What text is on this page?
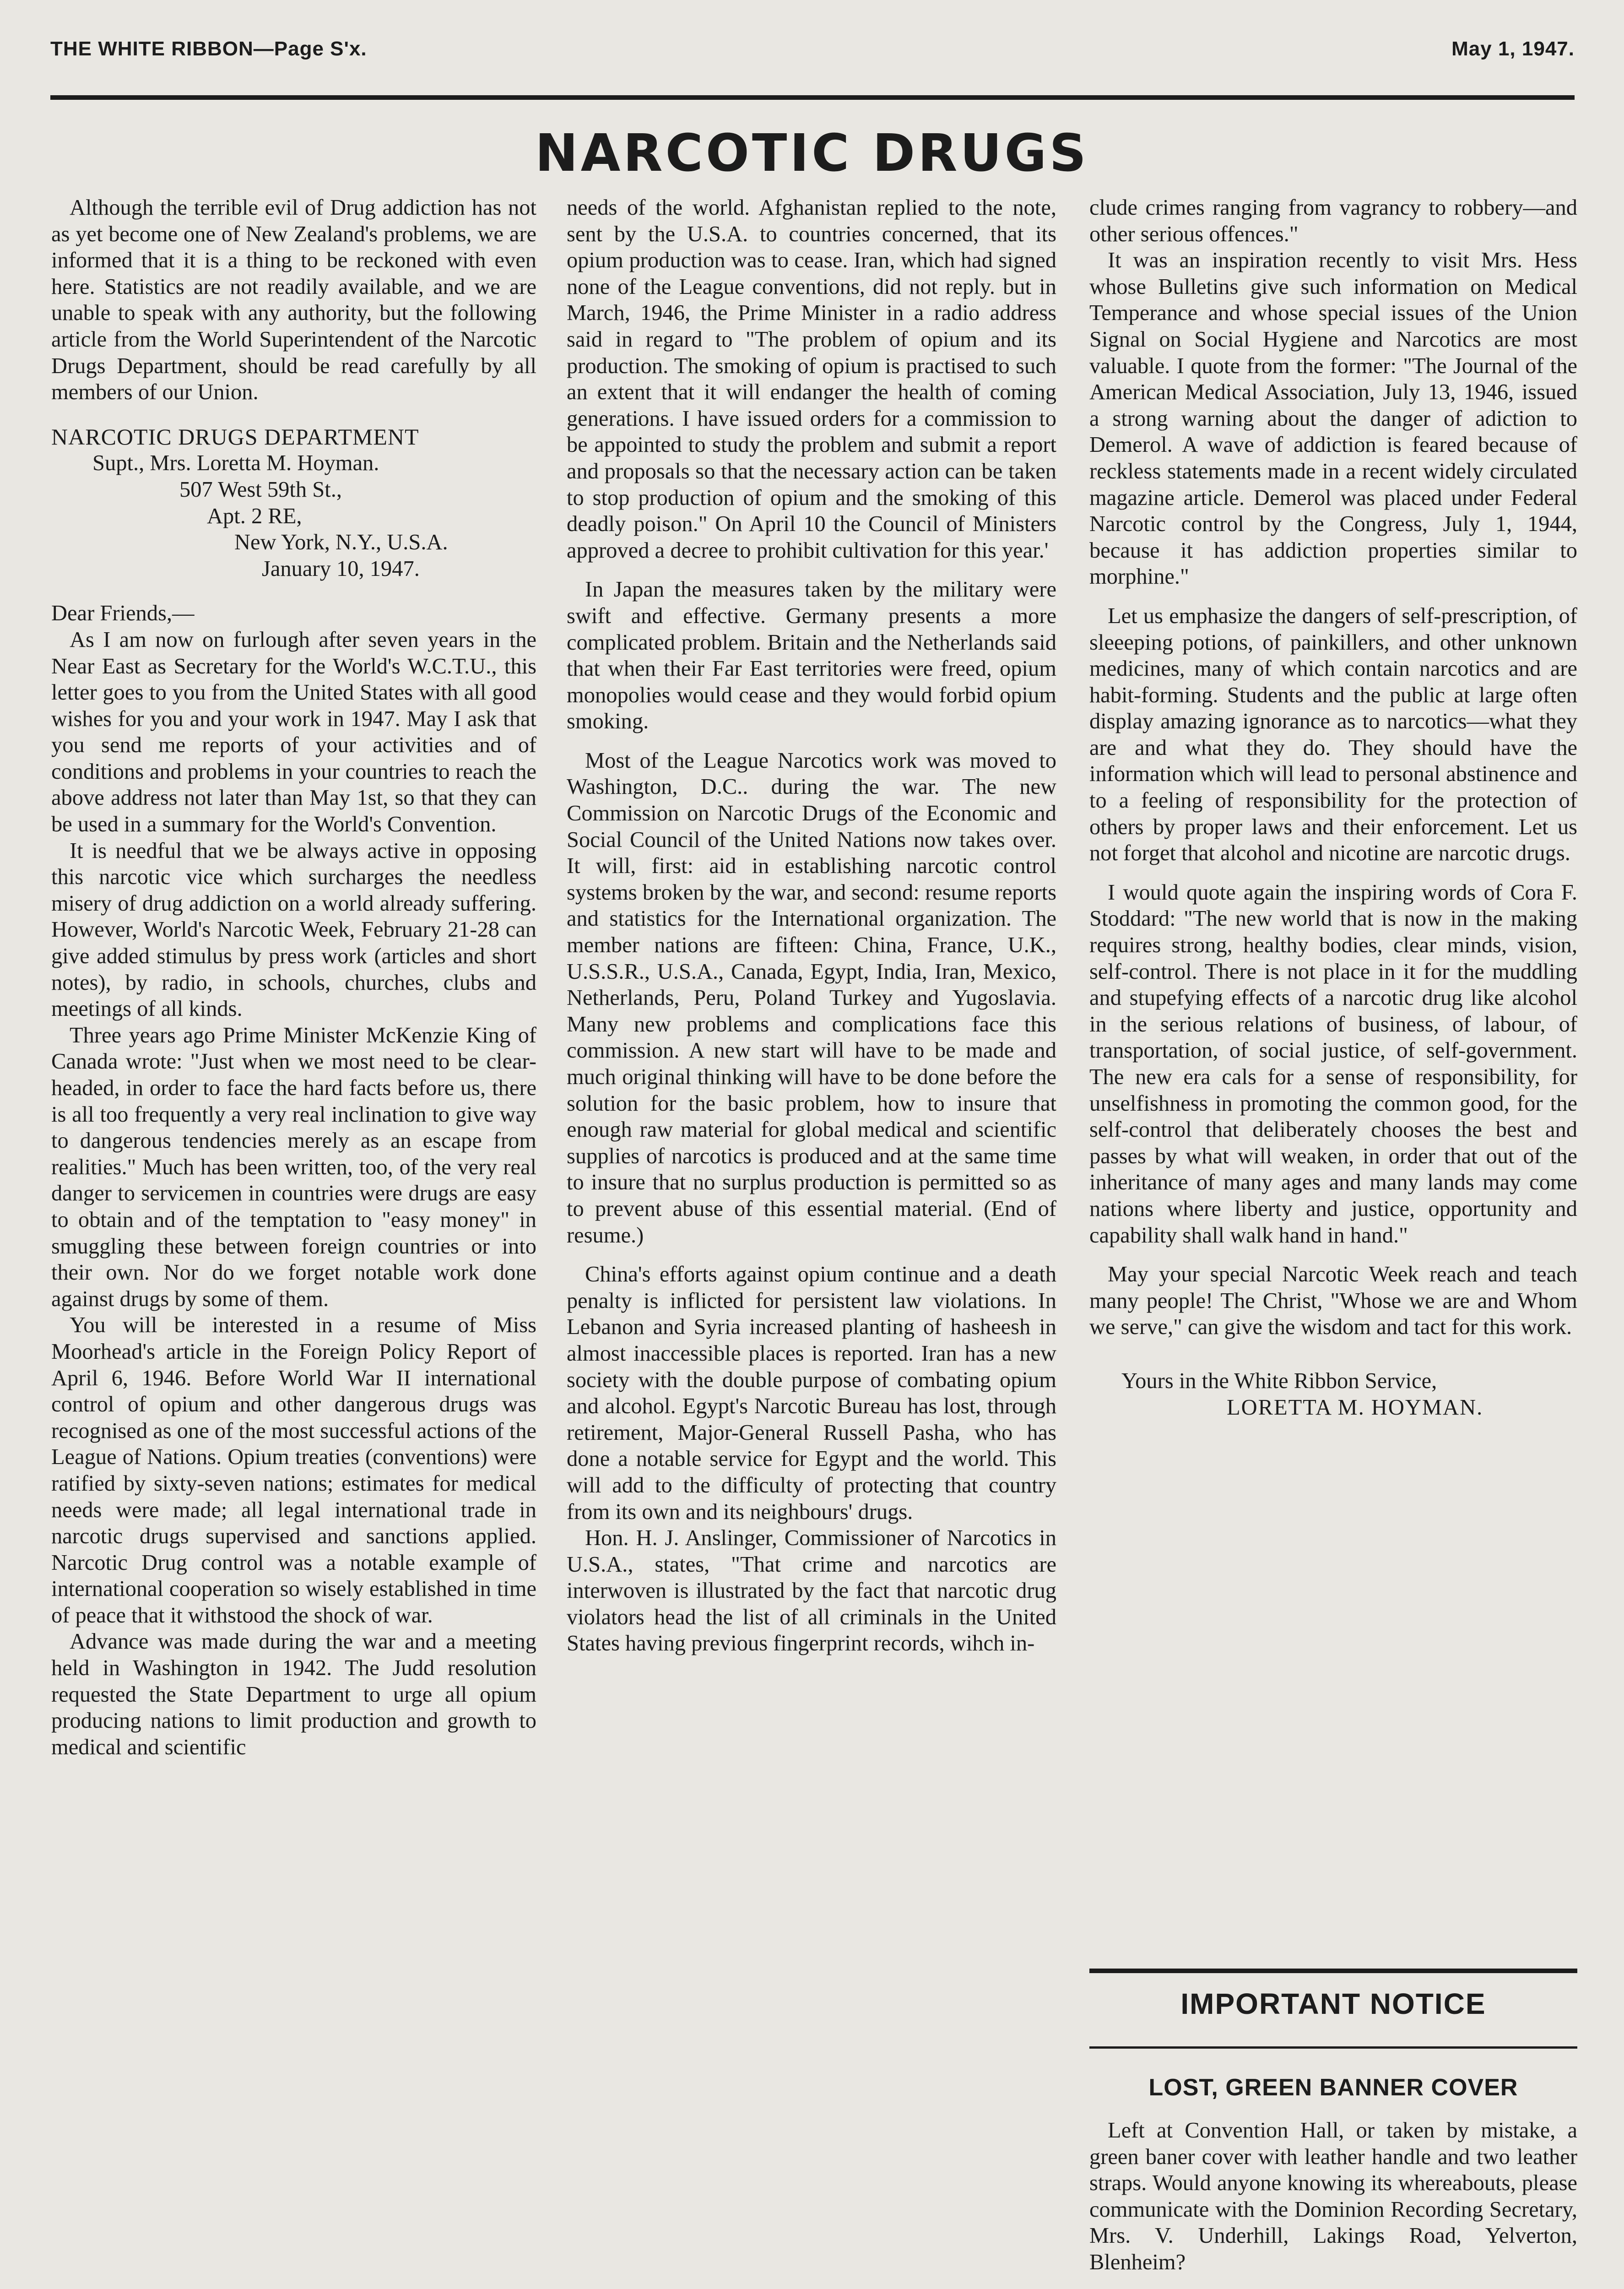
THE WHITE RIBBON—Page S'x.	May 1, 1947.
NARCOTIC DRUGS

Although the terrible evil of Drug addiction has not as yet become one of New Zealand's problems, we are informed that it is a thing to be reckoned with even here. Statistics are not readily available, and we are unable to speak with any authority, but the following article from the World Superintendent of the Narcotic Drugs Department, should be read carefully by all members of our Union.

NARCOTIC DRUGS DEPARTMENT
Supt., Mrs. Loretta M. Hoyman.
507 West 59th St.,
Apt. 2 RE,
New York, N.Y., U.S.A.
January 10, 1947.
Dear Friends,—

As I am now on furlough after seven years in the Near East as Secretary for the World's W.C.T.U., this letter goes to you from the United States with all good wishes for you and your work in 1947. May I ask that you send me reports of your activities and of conditions and problems in your countries to reach the above address not later than May 1st, so that they can be used in a summary for the World's Convention.

It is needful that we be always active in opposing this narcotic vice which surcharges the needless misery of drug addiction on a world already suffering. However, World's Narcotic Week, February 21-28 can give added stimulus by press work (articles and short notes), by radio, in schools, churches, clubs and meetings of all kinds.

Three years ago Prime Minister McKenzie King of Canada wrote: "Just when we most need to be clear-headed, in order to face the hard facts before us, there is all too frequently a very real inclination to give way to dangerous tendencies merely as an escape from realities." Much has been written, too, of the very real danger to servicemen in countries were drugs are easy to obtain and of the temptation to "easy money" in smuggling these between foreign countries or into their own. Nor do we forget notable work done against drugs by some of them.

You will be interested in a resume of Miss Moorhead's article in the Foreign Policy Report of April 6, 1946. Before World War II international control of opium and other dangerous drugs was recognised as one of the most successful actions of the League of Nations. Opium treaties (conventions) were ratified by sixty-seven nations; estimates for medical needs were made; all legal international trade in narcotic drugs supervised and sanctions applied. Narcotic Drug control was a notable example of international cooperation so wisely established in time of peace that it withstood the shock of war.

Advance was made during the war and a meeting held in Washington in 1942. The Judd resolution requested the State Department to urge all opium producing nations to limit production and growth to medical and scientific

needs of the world. Afghanistan replied to the note, sent by the U.S.A. to countries concerned, that its opium production was to cease. Iran, which had signed none of the League conventions, did not reply. but in March, 1946, the Prime Minister in a radio address said in regard to "The problem of opium and its production. The smoking of opium is practised to such an extent that it will endanger the health of coming generations. I have issued orders for a commission to be appointed to study the problem and submit a report and proposals so that the necessary action can be taken to stop production of opium and the smoking of this deadly poison." On April 10 the Council of Ministers approved a decree to prohibit cultivation for this year.'

In Japan the measures taken by the military were swift and effective. Germany presents a more complicated problem. Britain and the Netherlands said that when their Far East territories were freed, opium monopolies would cease and they would forbid opium smoking.

Most of the League Narcotics work was moved to Washington, D.C.. during the war. The new Commission on Narcotic Drugs of the Economic and Social Council of the United Nations now takes over. It will, first: aid in establishing narcotic control systems broken by the war, and second: resume reports and statistics for the International organization. The member nations are fifteen: China, France, U.K., U.S.S.R., U.S.A., Canada, Egypt, India, Iran, Mexico, Netherlands, Peru, Poland Turkey and Yugoslavia. Many new problems and complications face this commission. A new start will have to be made and much original thinking will have to be done before the solution for the basic problem, how to insure that enough raw material for global medical and scientific supplies of narcotics is produced and at the same time to insure that no surplus production is permitted so as to prevent abuse of this essential material. (End of resume.)

China's efforts against opium continue and a death penalty is inflicted for persistent law violations. In Lebanon and Syria increased planting of hasheesh in almost inaccessible places is reported. Iran has a new society with the double purpose of combating opium and alcohol. Egypt's Narcotic Bureau has lost, through retirement, Major-General Russell Pasha, who has done a notable service for Egypt and the world. This will add to the difficulty of protecting that country from its own and its neighbours' drugs.

Hon. H. J. Anslinger, Commissioner of Narcotics in U.S.A., states, "That crime and narcotics are interwoven is illustrated by the fact that narcotic drug violators head the list of all criminals in the United States having previous fingerprint records, wihch in-

clude crimes ranging from vagrancy to robbery—and other serious offences."

It was an inspiration recently to visit Mrs. Hess whose Bulletins give such information on Medical Temperance and whose special issues of the Union Signal on Social Hygiene and Narcotics are most valuable. I quote from the former: "The Journal of the American Medical Association, July 13, 1946, issued a strong warning about the danger of adiction to Demerol. A wave of addiction is feared because of reckless statements made in a recent widely circulated magazine article. Demerol was placed under Federal Narcotic control by the Congress, July 1, 1944, because it has addiction properties similar to morphine."

Let us emphasize the dangers of self-prescription, of sleeeping potions, of painkillers, and other unknown medicines, many of which contain narcotics and are habit-forming. Students and the public at large often display amazing ignorance as to narcotics—what they are and what they do. They should have the information which will lead to personal abstinence and to a feeling of responsibility for the protection of others by proper laws and their enforcement. Let us not forget that alcohol and nicotine are narcotic drugs.

I would quote again the inspiring words of Cora F. Stoddard: "The new world that is now in the making requires strong, healthy bodies, clear minds, vision, self-control. There is not place in it for the muddling and stupefying effects of a narcotic drug like alcohol in the serious relations of business, of labour, of transportation, of social justice, of self-government. The new era cals for a sense of responsibility, for unselfishness in promoting the common good, for the self-control that deliberately chooses the best and passes by what will weaken, in order that out of the inheritance of many ages and many lands may come nations where liberty and justice, opportunity and capability shall walk hand in hand."

May your special Narcotic Week reach and teach many people! The Christ, "Whose we are and Whom we serve," can give the wisdom and tact for this work.

Yours in the White Ribbon Service,
LORETTA M. HOYMAN.
IMPORTANT NOTICE
LOST, GREEN BANNER COVER

Left at Convention Hall, or taken by mistake, a green baner cover with leather handle and two leather straps. Would anyone knowing its whereabouts, please communicate with the Dominion Recording Secretary, Mrs. V. Underhill, Lakings Road, Yelverton, Blenheim?
